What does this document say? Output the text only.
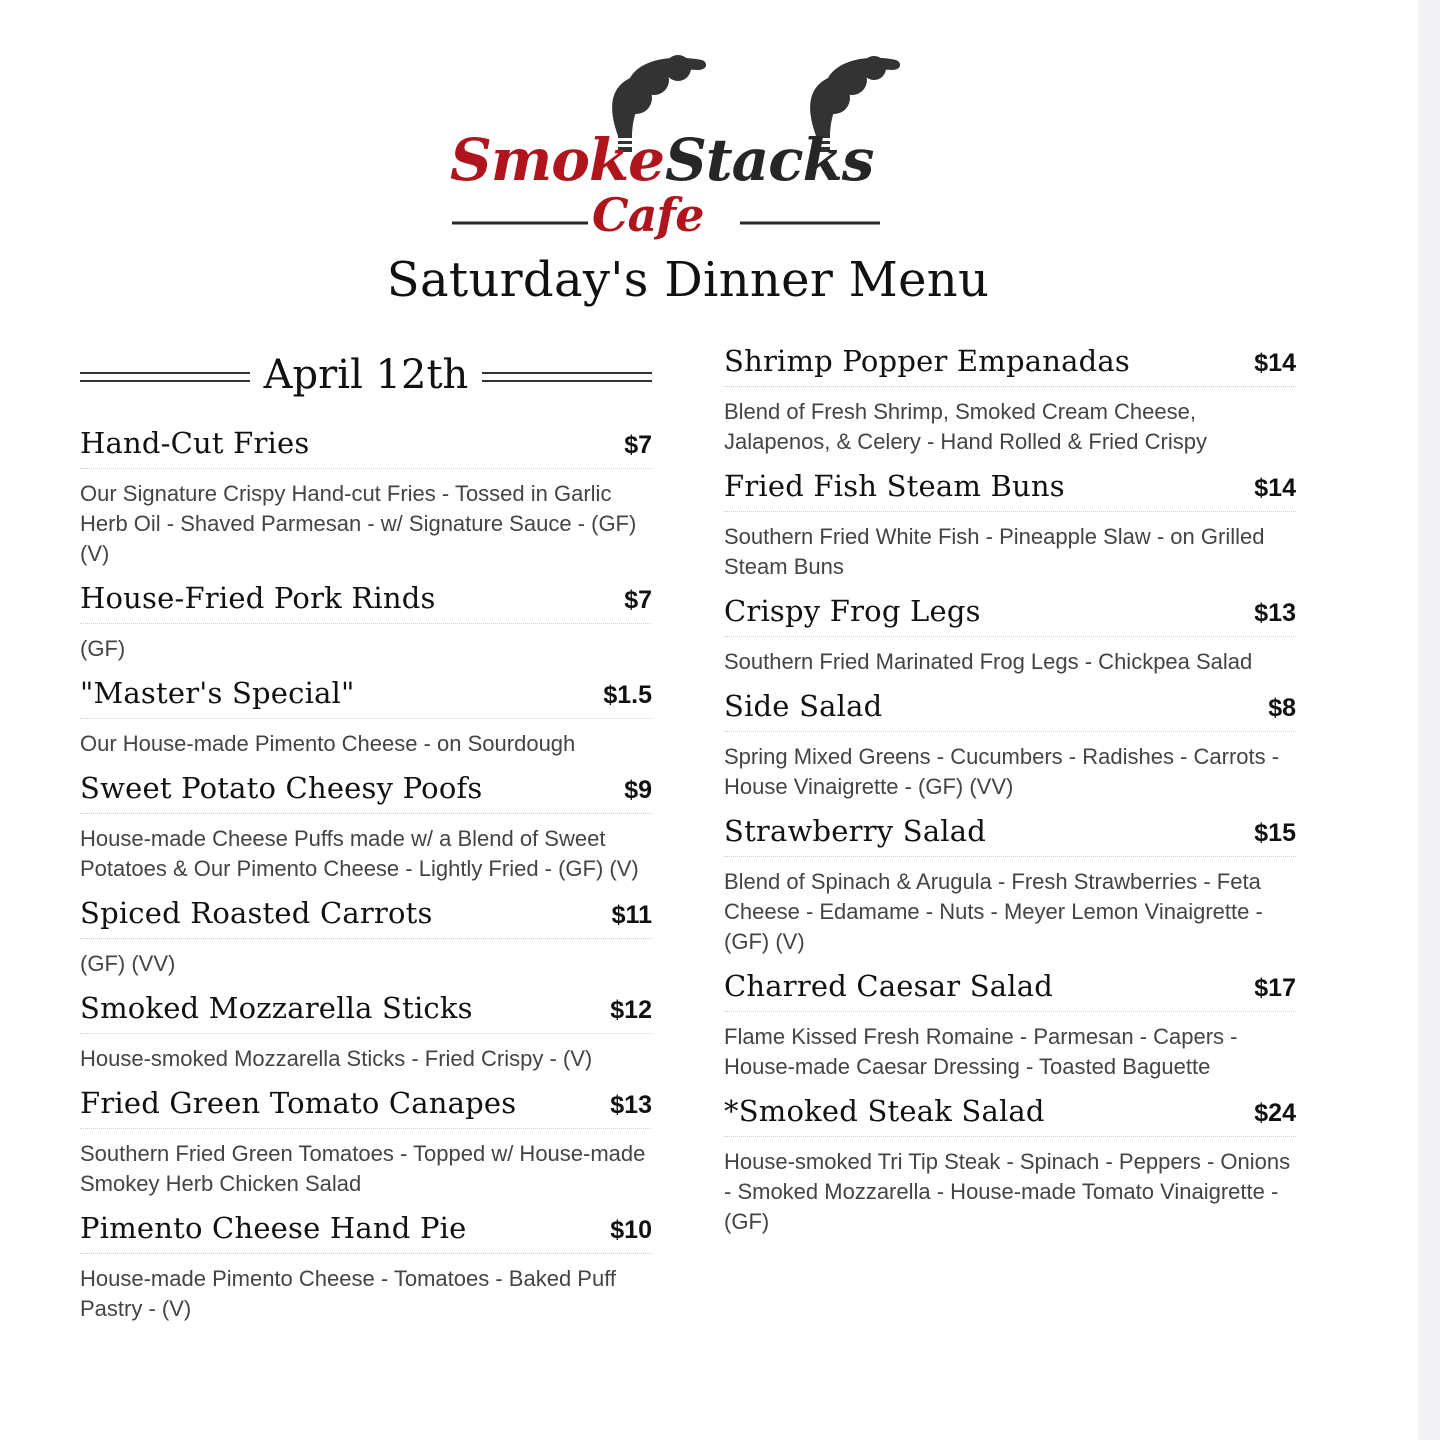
Smoke Stacks
Cafe
Saturday's Dinner Menu
April 12th
Hand-Cut Fries	$7
Our Signature Crispy Hand-cut Fries - Tossed in Garlic Herb Oil - Shaved Parmesan - w/ Signature Sauce - (GF) (V)
House-Fried Pork Rinds	$7
(GF)
"Master's Special"	$1.5
Our House-made Pimento Cheese - on Sourdough
Sweet Potato Cheesy Poofs	$9
House-made Cheese Puffs made w/ a Blend of Sweet Potatoes & Our Pimento Cheese - Lightly Fried - (GF) (V)
Spiced Roasted Carrots	$11
(GF) (VV)
Smoked Mozzarella Sticks	$12
House-smoked Mozzarella Sticks - Fried Crispy - (V)
Fried Green Tomato Canapes	$13
Southern Fried Green Tomatoes - Topped w/ House-made Smokey Herb Chicken Salad
Pimento Cheese Hand Pie	$10
House-made Pimento Cheese - Tomatoes - Baked Puff Pastry - (V)
Shrimp Popper Empanadas	$14
Blend of Fresh Shrimp, Smoked Cream Cheese, Jalapenos, & Celery - Hand Rolled & Fried Crispy
Fried Fish Steam Buns	$14
Southern Fried White Fish - Pineapple Slaw - on Grilled Steam Buns
Crispy Frog Legs	$13
Southern Fried Marinated Frog Legs - Chickpea Salad
Side Salad	$8
Spring Mixed Greens - Cucumbers - Radishes - Carrots - House Vinaigrette - (GF) (VV)
Strawberry Salad	$15
Blend of Spinach & Arugula - Fresh Strawberries - Feta Cheese - Edamame - Nuts - Meyer Lemon Vinaigrette - (GF) (V)
Charred Caesar Salad	$17
Flame Kissed Fresh Romaine - Parmesan - Capers - House-made Caesar Dressing - Toasted Baguette
*Smoked Steak Salad	$24
House-smoked Tri Tip Steak - Spinach - Peppers - Onions - Smoked Mozzarella - House-made Tomato Vinaigrette - (GF)
